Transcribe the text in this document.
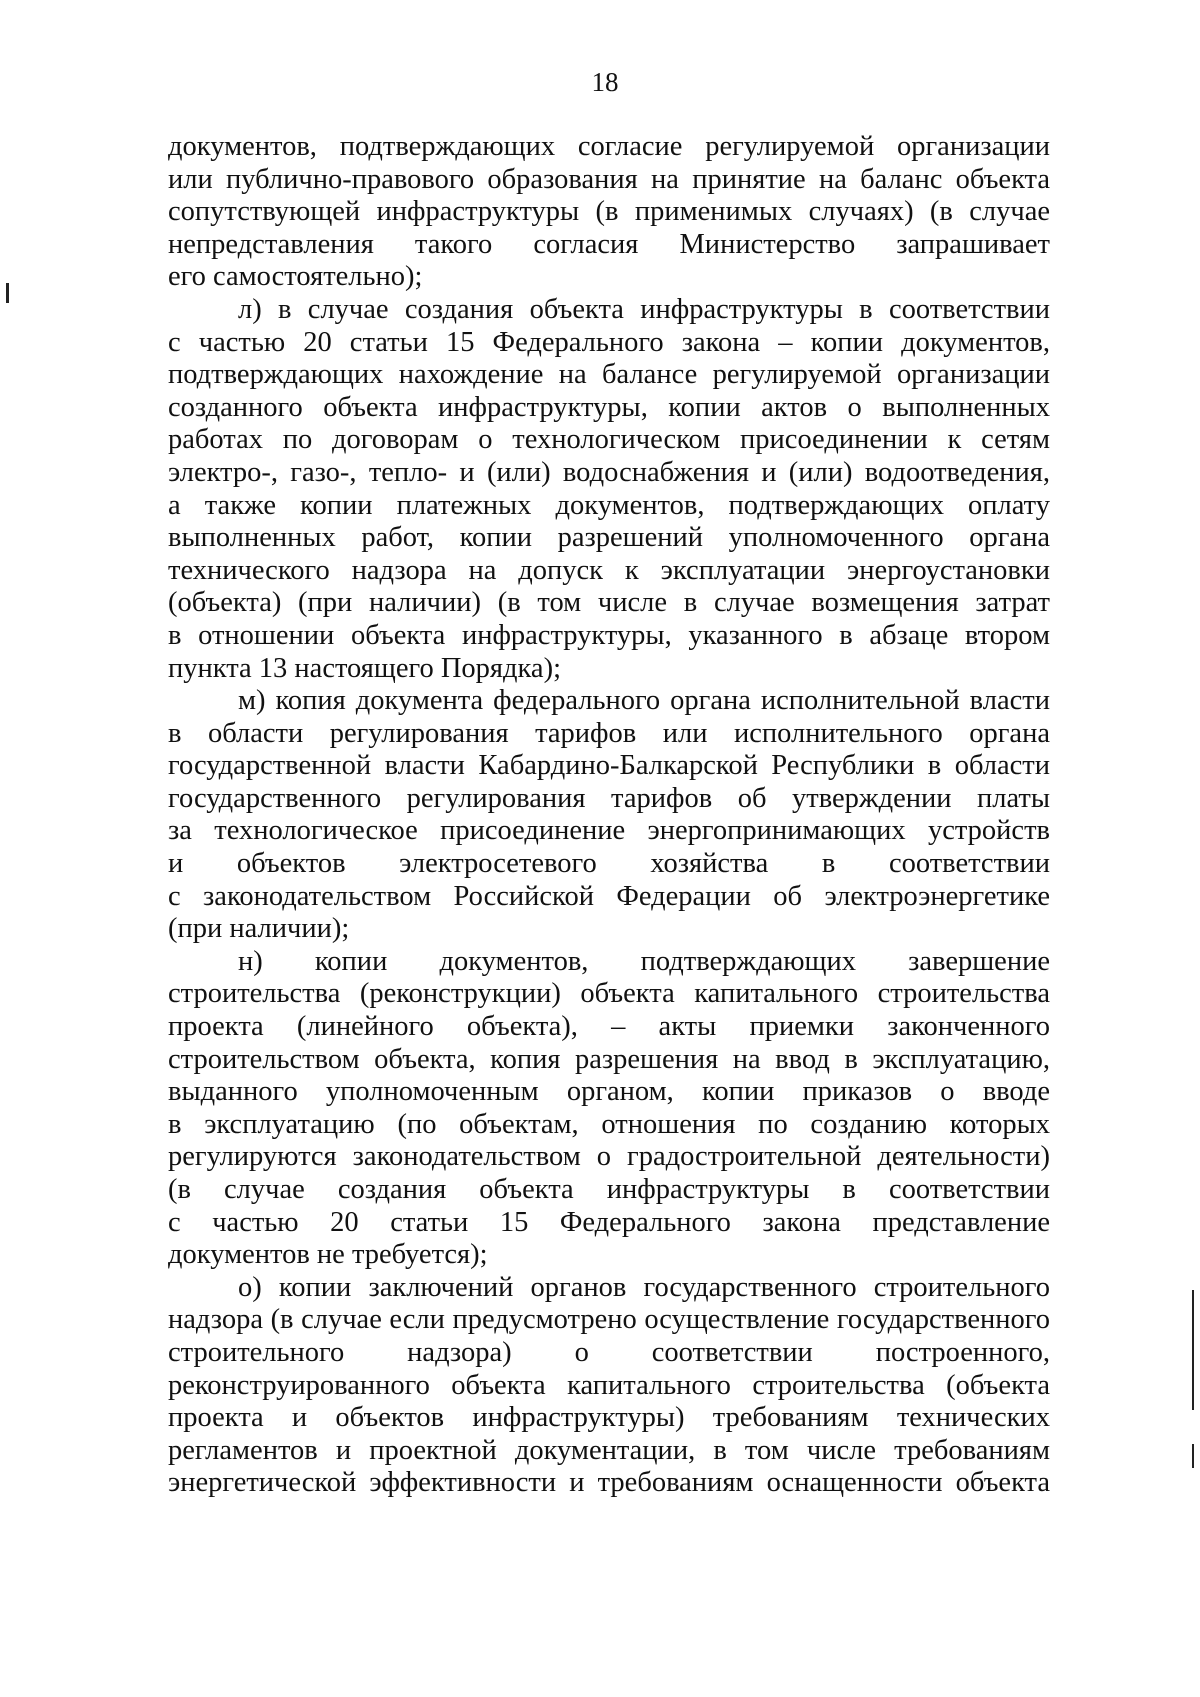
18
документов, подтверждающих согласие регулируемой организации
или публично-правового образования на принятие на баланс объекта
сопутствующей инфраструктуры (в применимых случаях) (в случае
непредставления такого согласия Министерство запрашивает
его самостоятельно);
л) в случае создания объекта инфраструктуры в соответствии
с частью 20 статьи 15 Федерального закона – копии документов,
подтверждающих нахождение на балансе регулируемой организации
созданного объекта инфраструктуры, копии актов о выполненных
работах по договорам о технологическом присоединении к сетям
электро-, газо-, тепло- и (или) водоснабжения и (или) водоотведения,
а также копии платежных документов, подтверждающих оплату
выполненных работ, копии разрешений уполномоченного органа
технического надзора на допуск к эксплуатации энергоустановки
(объекта) (при наличии) (в том числе в случае возмещения затрат
в отношении объекта инфраструктуры, указанного в абзаце втором
пункта 13 настоящего Порядка);
м) копия документа федерального органа исполнительной власти
в области регулирования тарифов или исполнительного органа
государственной власти Кабардино-Балкарской Республики в области
государственного регулирования тарифов об утверждении платы
за технологическое присоединение энергопринимающих устройств
и объектов электросетевого хозяйства в соответствии
с законодательством Российской Федерации об электроэнергетике
(при наличии);
н) копии документов, подтверждающих завершение
строительства (реконструкции) объекта капитального строительства
проекта (линейного объекта), – акты приемки законченного
строительством объекта, копия разрешения на ввод в эксплуатацию,
выданного уполномоченным органом, копии приказов о вводе
в эксплуатацию (по объектам, отношения по созданию которых
регулируются законодательством о градостроительной деятельности)
(в случае создания объекта инфраструктуры в соответствии
с частью 20 статьи 15 Федерального закона представление
документов не требуется);
о) копии заключений органов государственного строительного
надзора (в случае если предусмотрено осуществление государственного
строительного надзора) о соответствии построенного,
реконструированного объекта капитального строительства (объекта
проекта и объектов инфраструктуры) требованиям технических
регламентов и проектной документации, в том числе требованиям
энергетической эффективности и требованиям оснащенности объекта
